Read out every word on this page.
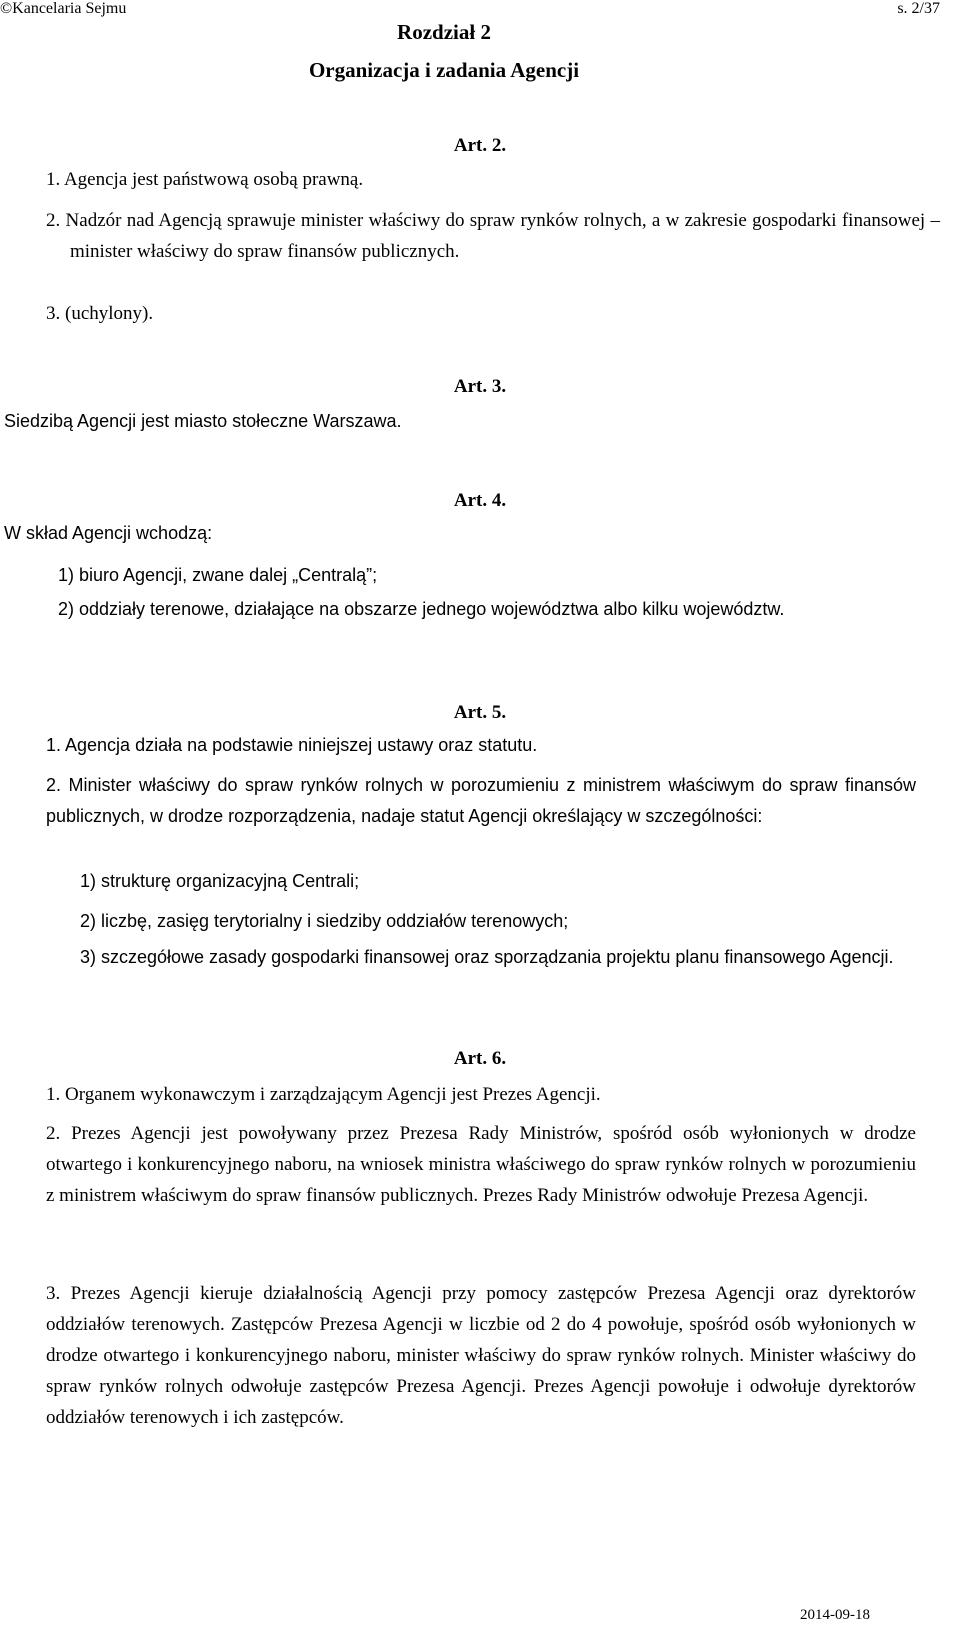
©Kancelaria Sejmu	s. 2/37
Rozdział 2
Organizacja i zadania Agencji
Art. 2.

1. Agencja jest państwową osobą prawną.

2. Nadzór nad Agencją sprawuje minister właściwy do spraw rynków rolnych, a w zakresie gospodarki finansowej – minister właściwy do spraw finansów publicznych.

3. (uchylony).

Art. 3.

Siedzibą Agencji jest miasto stołeczne Warszawa.

Art. 4.

W skład Agencji wchodzą:

1) biuro Agencji, zwane dalej „Centralą”;
2) oddziały terenowe, działające na obszarze jednego województwa albo kilku województw.
Art. 5.

1. Agencja działa na podstawie niniejszej ustawy oraz statutu.

2. Minister właściwy do spraw rynków rolnych w porozumieniu z ministrem właściwym do spraw finansów publicznych, w drodze rozporządzenia, nadaje statut Agencji określający w szczególności:

1) strukturę organizacyjną Centrali;
2) liczbę, zasięg terytorialny i siedziby oddziałów terenowych;
3) szczegółowe zasady gospodarki finansowej oraz sporządzania projektu planu finansowego Agencji.
Art. 6.

1. Organem wykonawczym i zarządzającym Agencji jest Prezes Agencji.

2. Prezes Agencji jest powoływany przez Prezesa Rady Ministrów, spośród osób wyłonionych w drodze otwartego i konkurencyjnego naboru, na wniosek ministra właściwego do spraw rynków rolnych w porozumieniu z ministrem właściwym do spraw finansów publicznych. Prezes Rady Ministrów odwołuje Prezesa Agencji.

3. Prezes Agencji kieruje działalnością Agencji przy pomocy zastępców Prezesa Agencji oraz dyrektorów oddziałów terenowych. Zastępców Prezesa Agencji w liczbie od 2 do 4 powołuje, spośród osób wyłonionych w drodze otwartego i konkurencyjnego naboru, minister właściwy do spraw rynków rolnych. Minister właściwy do spraw rynków rolnych odwołuje zastępców Prezesa Agencji. Prezes Agencji powołuje i odwołuje dyrektorów oddziałów terenowych i ich zastępców.

2014-09-18
